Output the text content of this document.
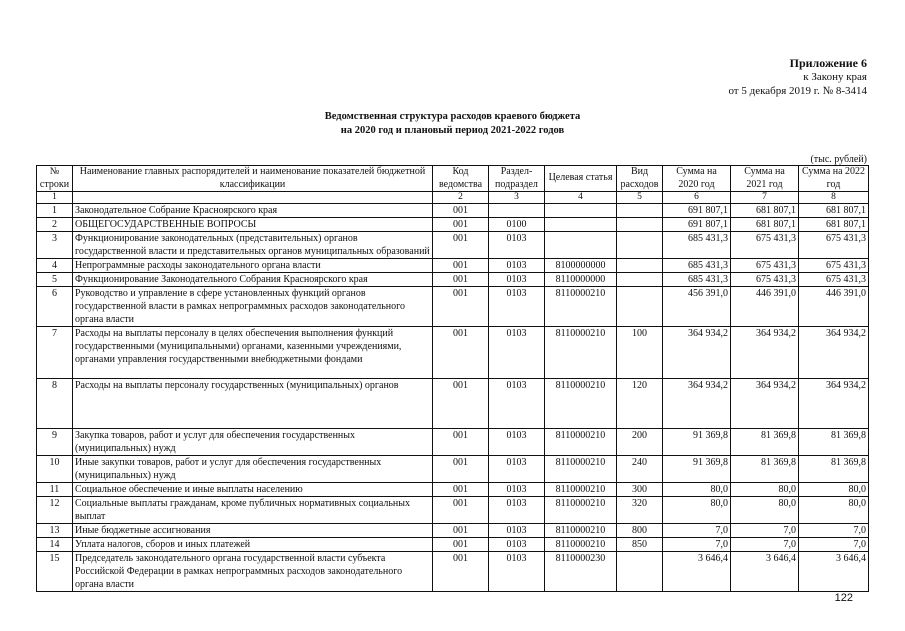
Приложение 6
к Закону края
от 5 декабря 2019 г. № 8-3414
Ведомственная структура расходов краевого бюджета
на 2020 год и плановый период 2021-2022 годов
(тыс. рублей)
№ строки	Наименование главных распорядителей и наименование показателей бюджетной классификации	Код ведомства	Раздел-подраздел	Целевая статья	Вид расходов	Сумма на 2020 год	Сумма на 2021 год	Сумма на 2022 год
1		2	3	4	5	6	7	8
1	Законодательное Собрание Красноярского края	001				691 807,1	681 807,1	681 807,1
2	ОБЩЕГОСУДАРСТВЕННЫЕ ВОПРОСЫ	001	0100			691 807,1	681 807,1	681 807,1
3	Функционирование законодательных (представительных) органов государственной власти и представительных органов муниципальных образований	001	0103			685 431,3	675 431,3	675 431,3
4	Непрограммные расходы законодательного органа власти	001	0103	8100000000		685 431,3	675 431,3	675 431,3
5	Функционирование Законодательного Собрания Красноярского края	001	0103	8110000000		685 431,3	675 431,3	675 431,3
6	Руководство и управление в сфере установленных функций органов государственной власти в рамках непрограммных расходов законодательного органа власти	001	0103	8110000210		456 391,0	446 391,0	446 391,0
7	Расходы на выплаты персоналу в целях обеспечения выполнения функций государственными (муниципальными) органами, казенными учреждениями, органами управления государственными внебюджетными фондами	001	0103	8110000210	100	364 934,2	364 934,2	364 934,2
8	Расходы на выплаты персоналу государственных (муниципальных) органов	001	0103	8110000210	120	364 934,2	364 934,2	364 934,2
9	Закупка товаров, работ и услуг для обеспечения государственных (муниципальных) нужд	001	0103	8110000210	200	91 369,8	81 369,8	81 369,8
10	Иные закупки товаров, работ и услуг для обеспечения государственных (муниципальных) нужд	001	0103	8110000210	240	91 369,8	81 369,8	81 369,8
11	Социальное обеспечение и иные выплаты населению	001	0103	8110000210	300	80,0	80,0	80,0
12	Социальные выплаты гражданам, кроме публичных нормативных социальных выплат	001	0103	8110000210	320	80,0	80,0	80,0
13	Иные бюджетные ассигнования	001	0103	8110000210	800	7,0	7,0	7,0
14	Уплата налогов, сборов и иных платежей	001	0103	8110000210	850	7,0	7,0	7,0
15	Председатель законодательного органа государственной власти субъекта Российской Федерации в рамках непрограммных расходов законодательного органа власти	001	0103	8110000230		3 646,4	3 646,4	3 646,4
122
